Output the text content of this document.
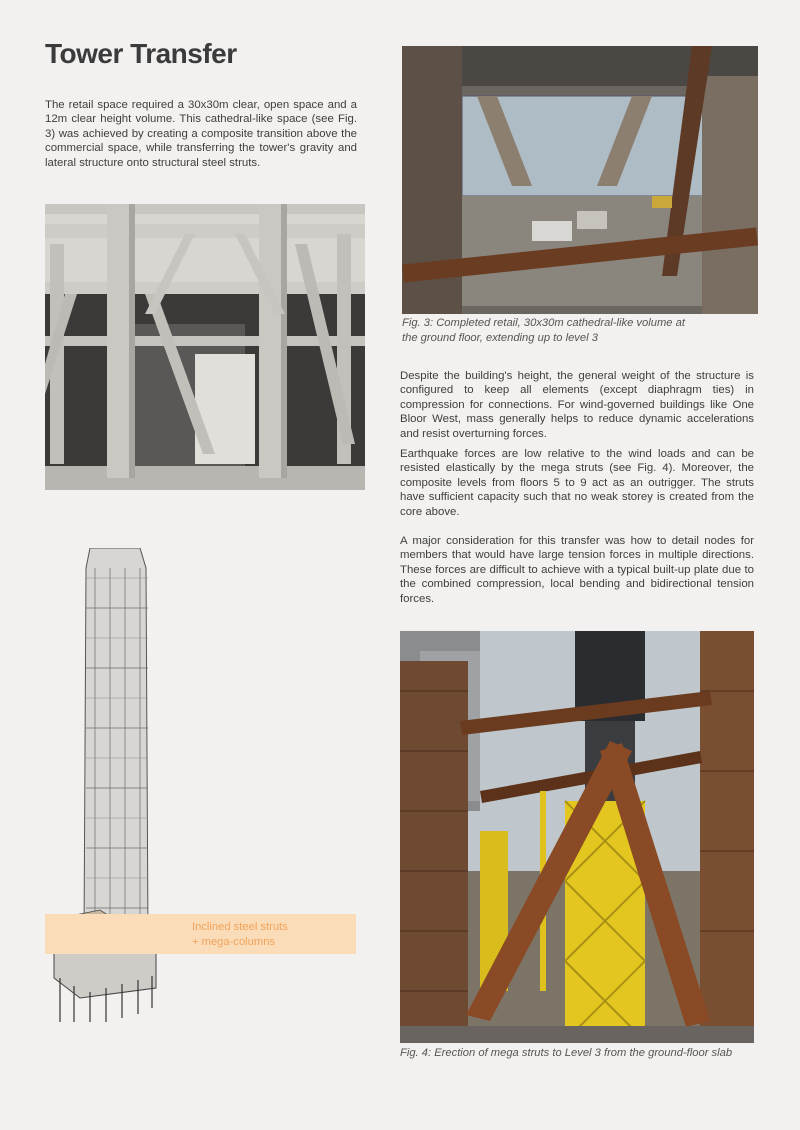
Tower Transfer

The retail space required a 30x30m clear, open space and a 12m clear height volume. This cathedral-like space (see Fig. 3) was achieved by creating a composite transition above the commercial space, while transferring the tower's gravity and lateral structure onto structural steel struts.

Fig. 3: Completed retail, 30x30m cathedral-like volume at

the ground floor, extending up to level 3

Despite the building's height, the general weight of the structure is configured to keep all elements (except diaphragm ties) in compression for connections. For wind-governed buildings like One Bloor West, mass generally helps to reduce dynamic accelerations and resist overturning forces.

Earthquake forces are low relative to the wind loads and can be resisted elastically by the mega struts (see Fig. 4). Moreover, the composite levels from floors 5 to 9 act as an outrigger. The struts have sufficient capacity such that no weak storey is created from the core above.

A major consideration for this transfer was how to detail nodes for members that would have large tension forces in multiple directions. These forces are difficult to achieve with a typical built-up plate due to the combined compression, local bending and bidirectional tension forces.

Inclined steel struts
+ mega-columns

Fig. 4: Erection of mega struts to Level 3 from the ground-floor slab
